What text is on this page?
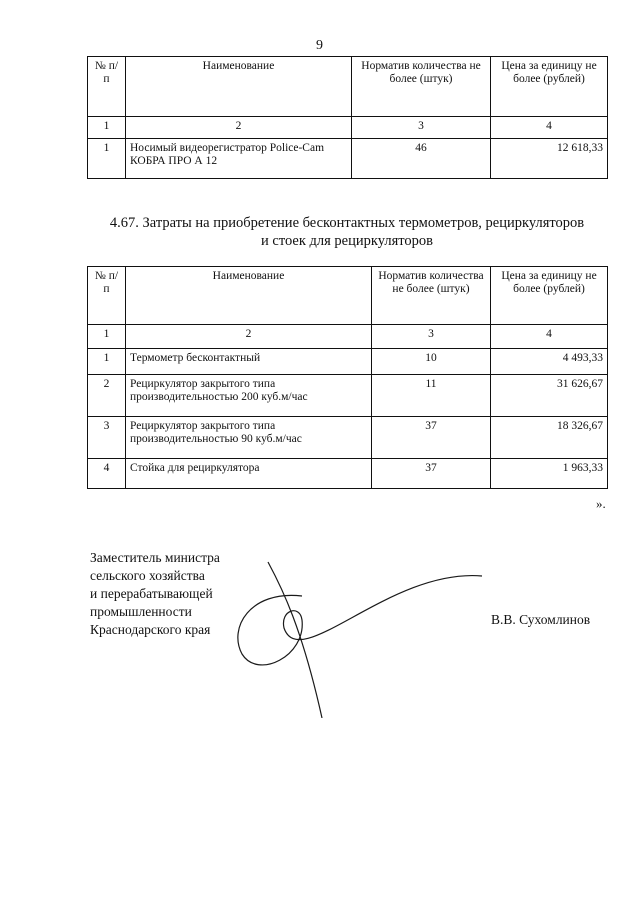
9
№ п/п	Наименование	Норматив количества не более (штук)	Цена за единицу не более (рублей)
1	2	3	4
1	Носимый видеорегистратор Police-Cam КОБРА ПРО А 12	46	12 618,33
4.67. Затраты на приобретение бесконтактных термометров, рециркуляторов
и стоек для рециркуляторов
№ п/п	Наименование	Норматив количества не более (штук)	Цена за единицу не более (рублей)
1	2	3	4
1	Термометр бесконтактный	10	4 493,33
2	Рециркулятор закрытого типа производительностью 200 куб.м/час	11	31 626,67
3	Рециркулятор закрытого типа производительностью 90 куб.м/час	37	18 326,67
4	Стойка для рециркулятора	37	1 963,33
».
Заместитель министра
сельского хозяйства
и перерабатывающей
промышленности
Краснодарского края
В.В. Сухомлинов
